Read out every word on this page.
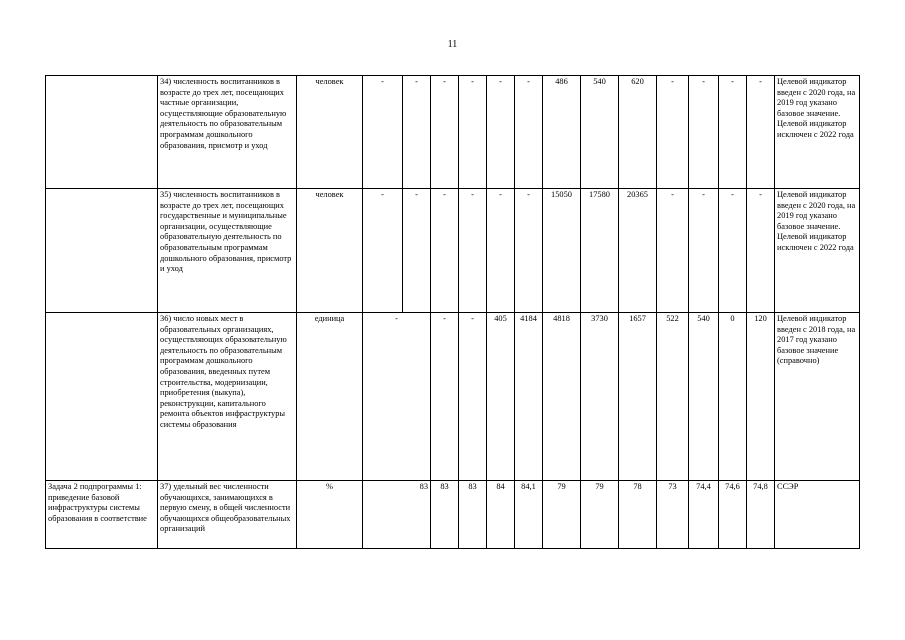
11
	34) численность воспитанников в возрасте до трех лет, посещающих частные организации, осуществляющие образовательную деятельность по образовательным программам дошкольного образования, присмотр и уход	человек	-	-	-	-	-	-	486	540	620	-	-	-	-	Целевой индикатор введен с 2020 года, на 2019 год указано базовое значение. Целевой индикатор исключен с 2022 года
	35) численность воспитанников в возрасте до трех лет, посещающих государственные и муниципальные организации, осуществляющие образовательную деятельность по образовательным программам дошкольного образования, присмотр и уход	человек	-	-	-	-	-	-	15050	17580	20365	-	-	-	-	Целевой индикатор введен с 2020 года, на 2019 год указано базовое значение. Целевой индикатор исключен с 2022 года
	36) число новых мест в образовательных организациях, осуществляющих образовательную деятельность по образовательным программам дошкольного образования, введенных путем строительства, модернизации, приобретения (выкупа), реконструкции, капитального ремонта объектов инфраструктуры системы образования	единица	-		-	-	405	4184	4818	3730	1657	522	540	0	120	Целевой индикатор введен с 2018 года, на 2017 год указано базовое значение (справочно)
Задача 2 подпрограммы 1: приведение базовой инфраструктуры системы образования в соответствие	37) удельный вес численности обучающихся, занимающихся в первую смену, в общей численности обучающихся общеобразовательных организаций	%	83		83	83	84	84,1	79	79	78	73	74,4	74,6	74,8	ССЭР
